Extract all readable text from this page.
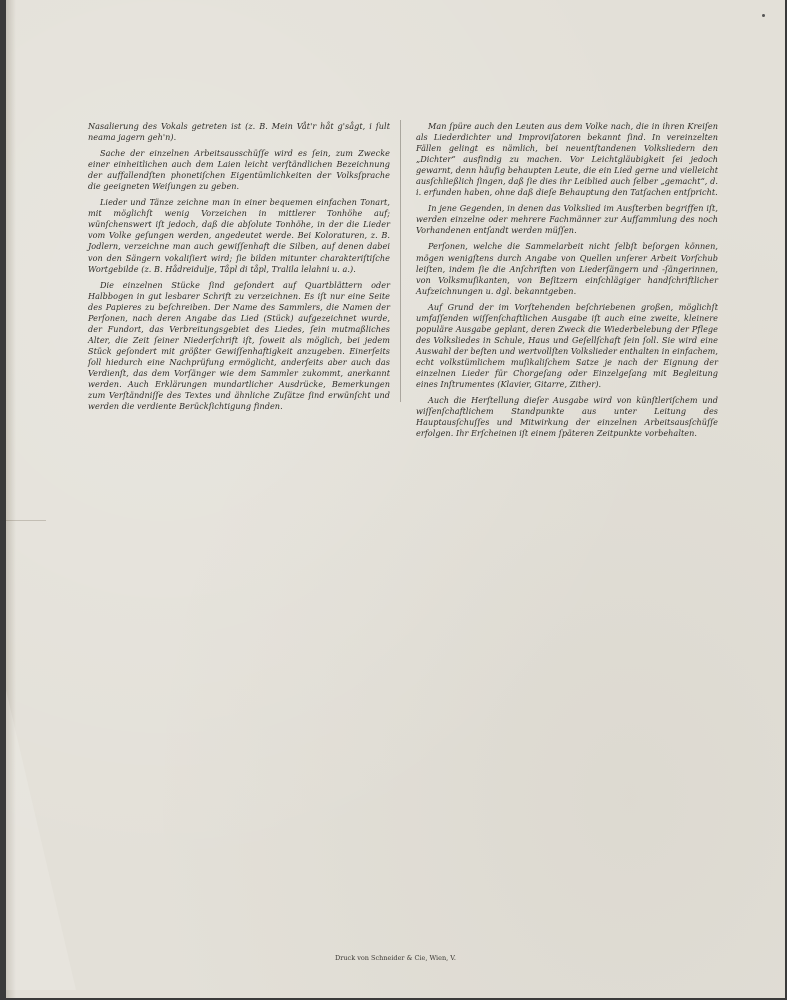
Nasalierung des Vokals getreten ist (z. B. Mein Våt'r håt g'sågt, i ſult neama jagern geh'n).

Sache der einzelnen Arbeitsausschüſſe wird es ſein, zum Zwecke einer einheitlichen auch dem Laien leicht verſtändlichen Bezeichnung der auffallendſten phonetiſchen Eigentümlichkeiten der Volksſprache die geeigneten Weiſungen zu geben.

Lieder und Tänze zeichne man in einer bequemen einfachen Tonart, mit möglichſt wenig Vorzeichen in mittlerer Tonhöhe auf; wünſchenswert iſt jedoch, daß die abſolute Tonhöhe, in der die Lieder vom Volke geſungen werden, angedeutet werde. Bei Koloraturen, z. B. Jodlern, verzeichne man auch gewiſſenhaft die Silben, auf denen dabei von den Sängern vokaliſiert wird; ſie bilden mitunter charakteriſtiſche Wortgebilde (z. B. Hådreidulje, Tåpl di tåpl, Tralila lelahni u. a.).

Die einzelnen Stücke ſind geſondert auf Quartblättern oder Halbbogen in gut lesbarer Schrift zu verzeichnen. Es iſt nur eine Seite des Papieres zu beſchreiben. Der Name des Sammlers, die Namen der Perſonen, nach deren Angabe das Lied (Stück) aufgezeichnet wurde, der Fundort, das Verbreitungsgebiet des Liedes, ſein mutmaßliches Alter, die Zeit ſeiner Niederſchrift iſt, ſoweit als möglich, bei jedem Stück geſondert mit größter Gewiſſenhaftigkeit anzugeben. Einerſeits ſoll hiedurch eine Nachprüfung ermöglicht, anderſeits aber auch das Verdienſt, das dem Vorſänger wie dem Sammler zukommt, anerkannt werden. Auch Erklärungen mundartlicher Ausdrücke, Bemerkungen zum Verſtändniſſe des Textes und ähnliche Zuſätze ſind erwünſcht und werden die verdiente Berückſichtigung finden.

Man ſpüre auch den Leuten aus dem Volke nach, die in ihren Kreiſen als Liederdichter und Improviſatoren bekannt ſind. In vereinzelten Fällen gelingt es nämlich, bei neuentſtandenen Volksliedern den „Dichter“ ausfindig zu machen. Vor Leichtgläubigkeit ſei jedoch gewarnt, denn häufig behaupten Leute, die ein Lied gerne und vielleicht ausſchließlich ſingen, daß ſie dies ihr Leiblied auch ſelber „gemacht“, d. i. erfunden haben, ohne daß dieſe Behauptung den Tatſachen entſpricht.

In jene Gegenden, in denen das Volkslied im Ausſterben begriffen iſt, werden einzelne oder mehrere Fachmänner zur Aufſammlung des noch Vorhandenen entſandt werden müſſen.

Perſonen, welche die Sammelarbeit nicht ſelbſt beſorgen können, mögen wenigſtens durch Angabe von Quellen unſerer Arbeit Vorſchub leiſten, indem ſie die Anſchriften von Liederſängern und -ſängerinnen, von Volksmuſikanten, von Beſitzern einſchlägiger handſchriftlicher Aufzeichnungen u. dgl. bekanntgeben.

Auf Grund der im Vorſtehenden beſchriebenen großen, möglichſt umfaſſenden wiſſenſchaftlichen Ausgabe iſt auch eine zweite, kleinere populäre Ausgabe geplant, deren Zweck die Wiederbelebung der Pflege des Volksliedes in Schule, Haus und Geſellſchaft ſein ſoll. Sie wird eine Auswahl der beſten und wertvollſten Volkslieder enthalten in einfachem, echt volkstümlichem muſikaliſchem Satze je nach der Eignung der einzelnen Lieder für Chorgeſang oder Einzelgeſang mit Begleitung eines Inſtrumentes (Klavier, Gitarre, Zither).

Auch die Herſtellung dieſer Ausgabe wird von künſtleriſchem und wiſſenſchaftlichem Standpunkte aus unter Leitung des Hauptausſchuſſes und Mitwirkung der einzelnen Arbeitsausſchüſſe erfolgen. Ihr Erſcheinen iſt einem ſpäteren Zeitpunkte vorbehalten.

Druck von Schneider & Cie, Wien, V.
